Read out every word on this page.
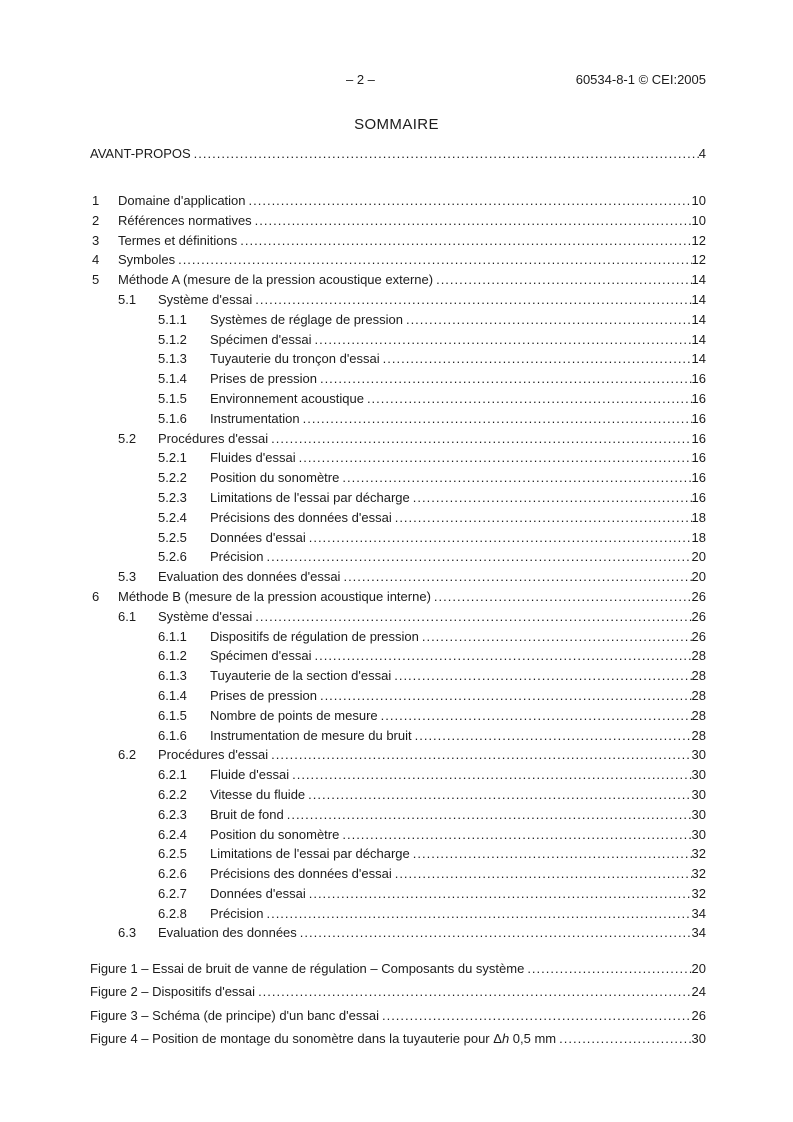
– 2 –	60534-8-1 © CEI:2005
SOMMAIRE
AVANT-PROPOS .....	4
1	Domaine d'application .....	10
2	Références normatives .....	10
3	Termes et définitions .....	12
4	Symboles .....	12
5	Méthode A (mesure de la pression acoustique externe) .....	14
5.1	Système d'essai .....	14
5.1.1	Systèmes de réglage de pression .....	14
5.1.2	Spécimen d'essai .....	14
5.1.3	Tuyauterie du tronçon d'essai .....	14
5.1.4	Prises de pression .....	16
5.1.5	Environnement acoustique .....	16
5.1.6	Instrumentation .....	16
5.2	Procédures d'essai .....	16
5.2.1	Fluides d'essai .....	16
5.2.2	Position du sonomètre .....	16
5.2.3	Limitations de l'essai par décharge .....	16
5.2.4	Précisions des données d'essai .....	18
5.2.5	Données d'essai .....	18
5.2.6	Précision .....	20
5.3	Evaluation des données d'essai .....	20
6	Méthode B (mesure de la pression acoustique interne) .....	26
6.1	Système d'essai .....	26
6.1.1	Dispositifs de régulation de pression .....	26
6.1.2	Spécimen d'essai .....	28
6.1.3	Tuyauterie de la section d'essai .....	28
6.1.4	Prises de pression .....	28
6.1.5	Nombre de points de mesure .....	28
6.1.6	Instrumentation de mesure du bruit .....	28
6.2	Procédures d'essai .....	30
6.2.1	Fluide d'essai .....	30
6.2.2	Vitesse du fluide .....	30
6.2.3	Bruit de fond .....	30
6.2.4	Position du sonomètre .....	30
6.2.5	Limitations de l'essai par décharge .....	32
6.2.6	Précisions des données d'essai .....	32
6.2.7	Données d'essai .....	32
6.2.8	Précision .....	34
6.3	Evaluation des données .....	34
Figure 1 – Essai de bruit de vanne de régulation – Composants du système .....	20
Figure 2 – Dispositifs d'essai .....	24
Figure 3 – Schéma (de principe) d'un banc d'essai .....	26
Figure 4 – Position de montage du sonomètre dans la tuyauterie pour Δh 0,5 mm .....	30
